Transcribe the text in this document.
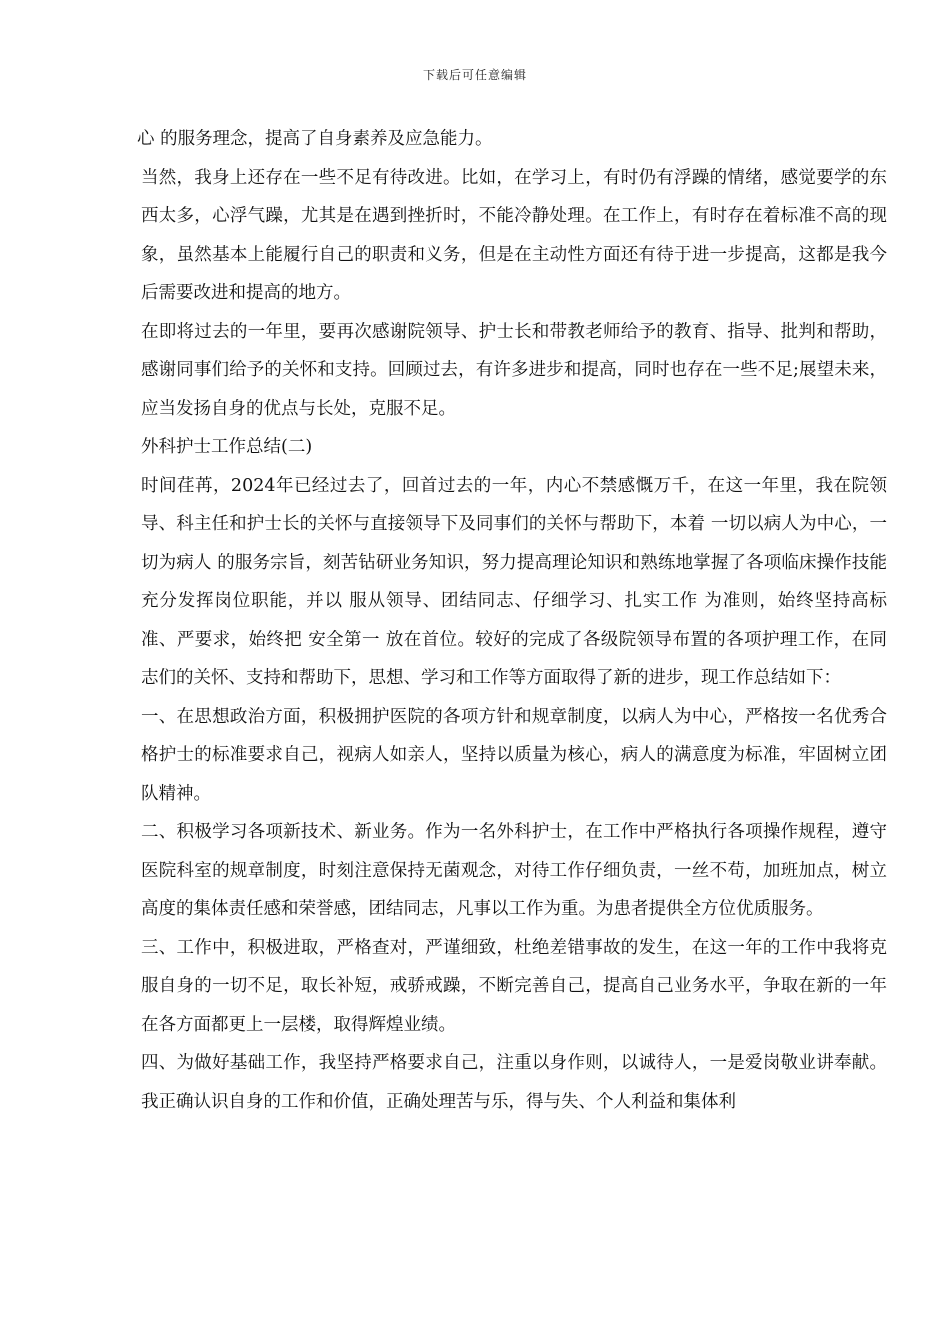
下载后可任意编辑

心 的服务理念，提高了自身素养及应急能力。

当然，我身上还存在一些不足有待改进。比如，在学习上，有时仍有浮躁的情绪，感觉要学的东西太多，心浮气躁，尤其是在遇到挫折时，不能冷静处理。在工作上，有时存在着标准不高的现象，虽然基本上能履行自己的职责和义务，但是在主动性方面还有待于进一步提高，这都是我今后需要改进和提高的地方。

在即将过去的一年里，要再次感谢院领导、护士长和带教老师给予的教育、指导、批判和帮助，感谢同事们给予的关怀和支持。回顾过去，有许多进步和提高，同时也存在一些不足;展望未来，应当发扬自身的优点与长处，克服不足。

外科护士工作总结(二)

时间荏苒，2024年已经过去了，回首过去的一年，内心不禁感慨万千，在这一年里，我在院领导、科主任和护士长的关怀与直接领导下及同事们的关怀与帮助下，本着 一切以病人为中心，一切为病人 的服务宗旨，刻苦钻研业务知识，努力提高理论知识和熟练地掌握了各项临床操作技能充分发挥岗位职能，并以 服从领导、团结同志、仔细学习、扎实工作 为准则，始终坚持高标准、严要求，始终把 安全第一 放在首位。较好的完成了各级院领导布置的各项护理工作，在同志们的关怀、支持和帮助下，思想、学习和工作等方面取得了新的进步，现工作总结如下：

一、在思想政治方面，积极拥护医院的各项方针和规章制度，以病人为中心，严格按一名优秀合格护士的标准要求自己，视病人如亲人，坚持以质量为核心，病人的满意度为标准，牢固树立团队精神。

二、积极学习各项新技术、新业务。作为一名外科护士，在工作中严格执行各项操作规程，遵守医院科室的规章制度，时刻注意保持无菌观念，对待工作仔细负责，一丝不苟，加班加点，树立高度的集体责任感和荣誉感，团结同志，凡事以工作为重。为患者提供全方位优质服务。

三、工作中，积极进取，严格查对，严谨细致，杜绝差错事故的发生，在这一年的工作中我将克服自身的一切不足，取长补短，戒骄戒躁，不断完善自己，提高自己业务水平，争取在新的一年在各方面都更上一层楼，取得辉煌业绩。

四、为做好基础工作，我坚持严格要求自己，注重以身作则，以诚待人，一是爱岗敬业讲奉献。我正确认识自身的工作和价值，正确处理苦与乐，得与失、个人利益和集体利
